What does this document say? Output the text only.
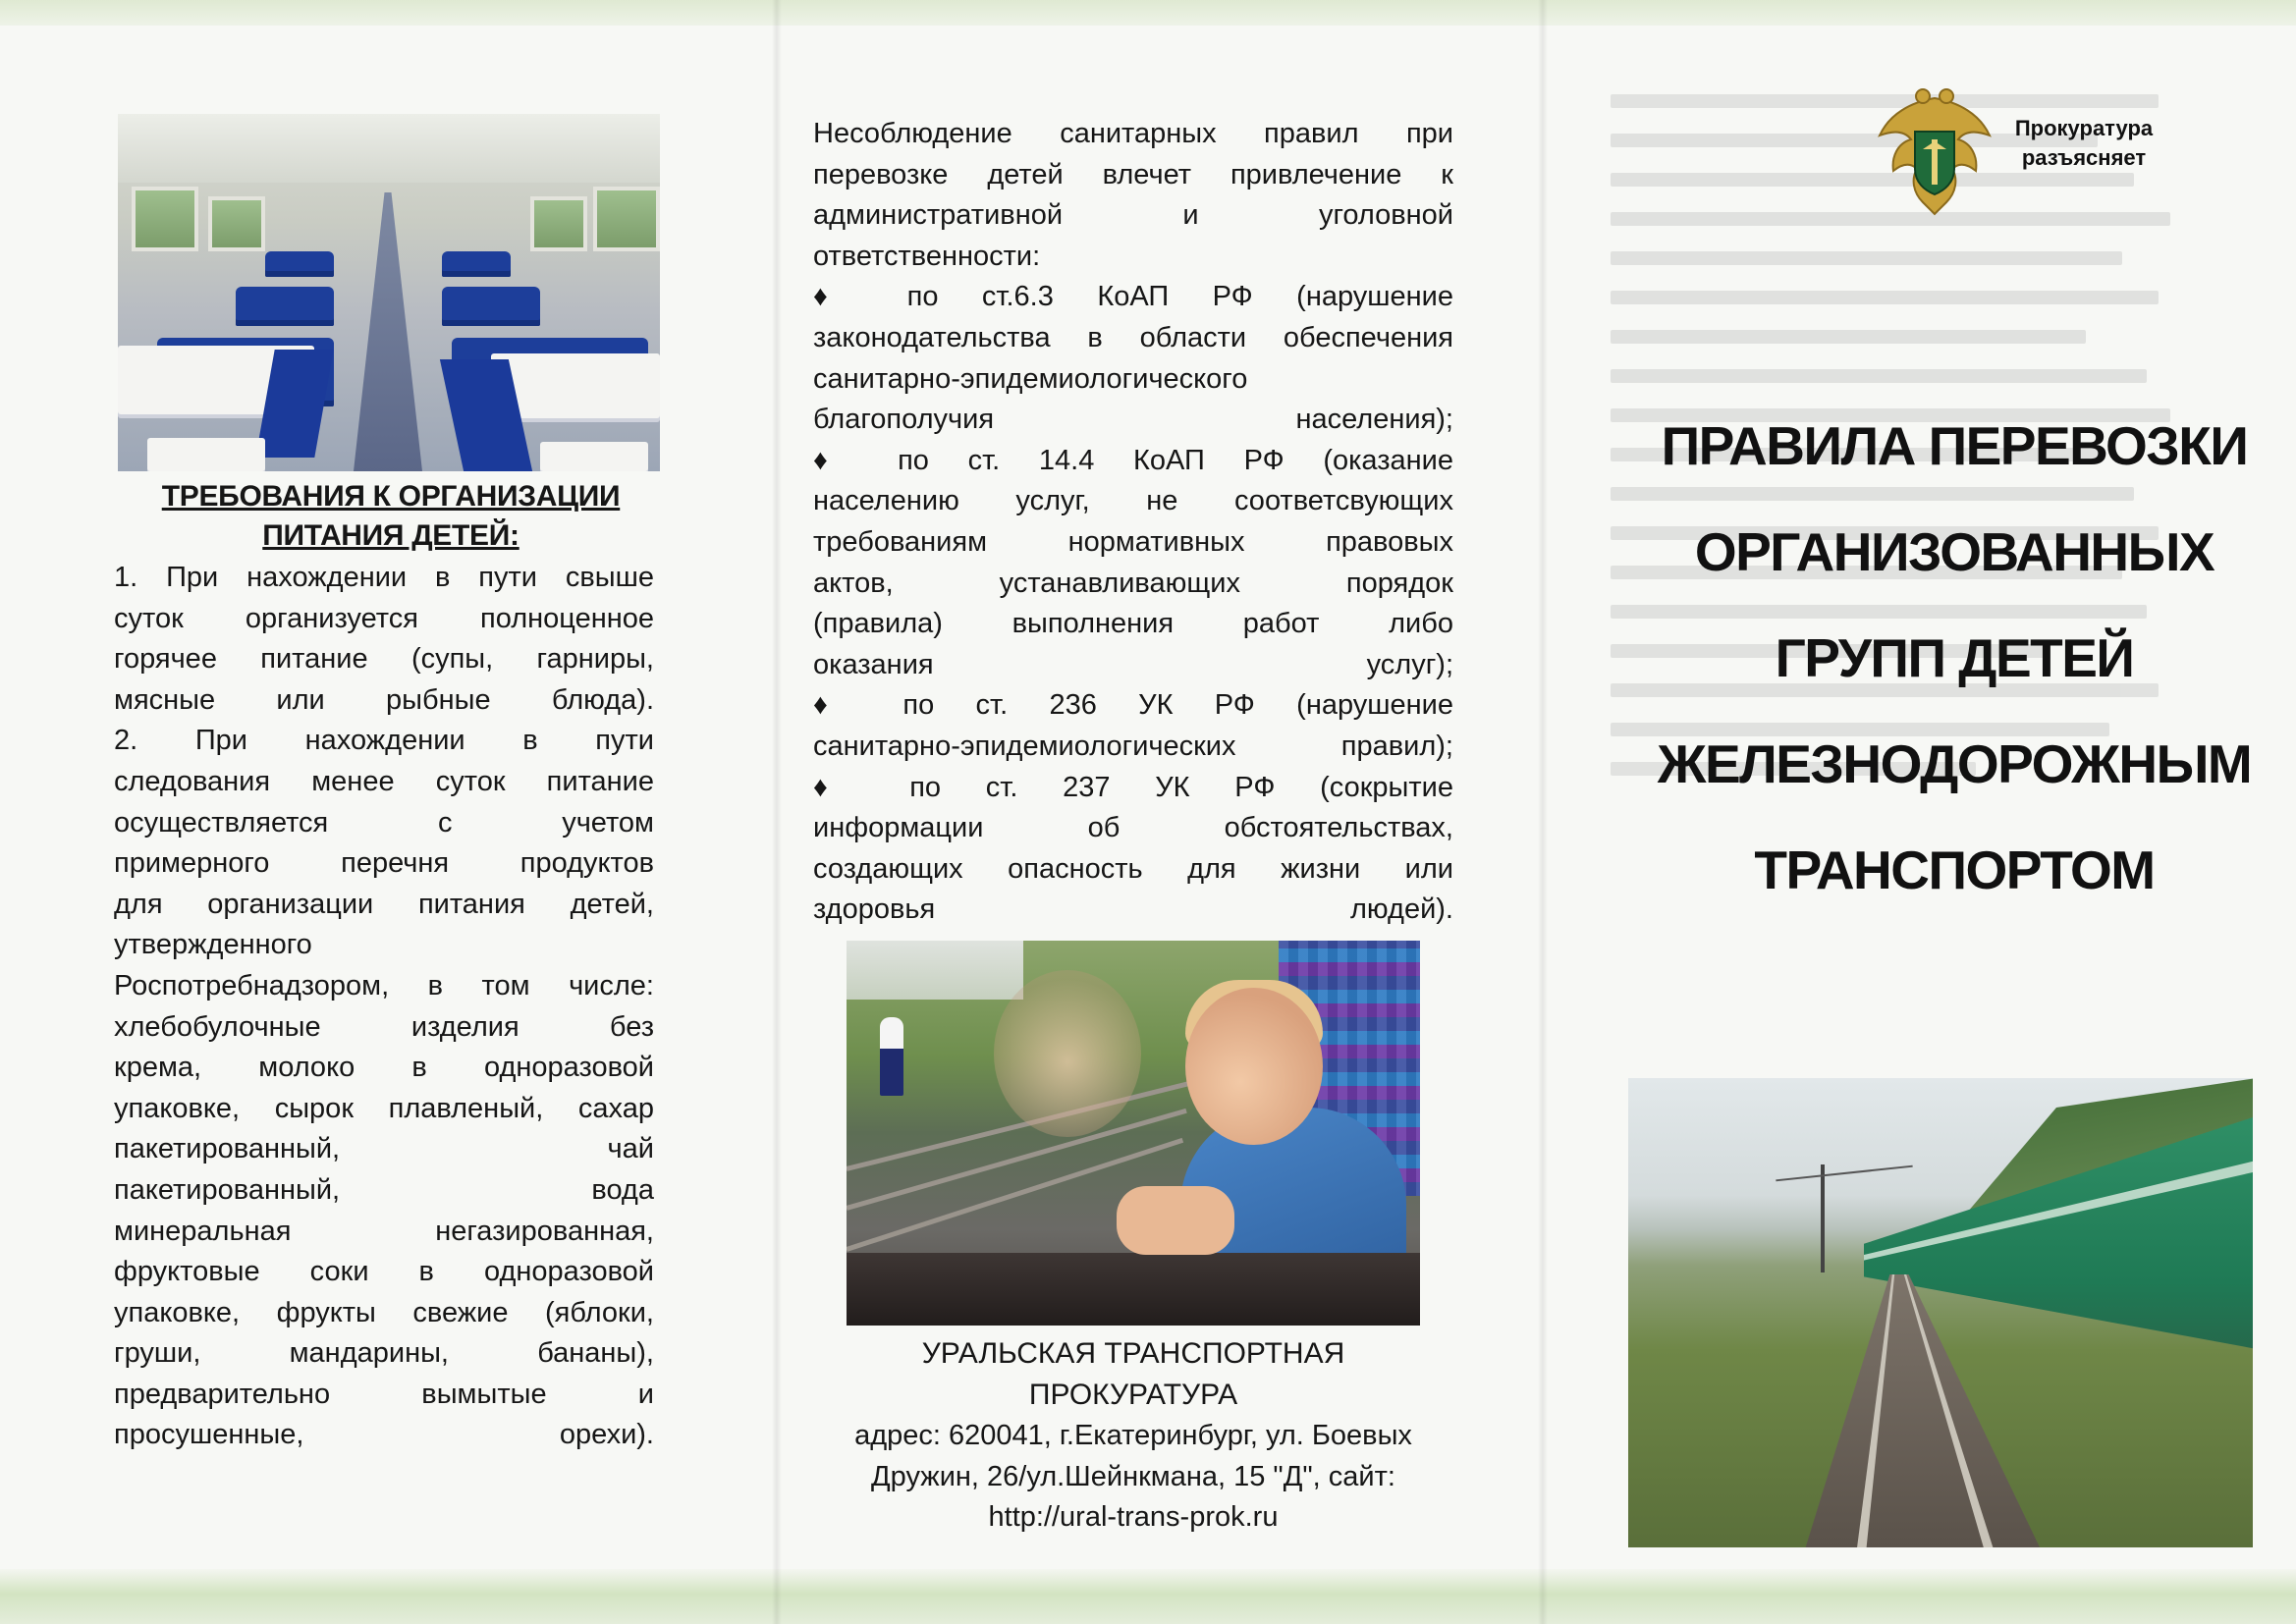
ТРЕБОВАНИЯ К ОРГАНИЗАЦИИ ПИТАНИЯ ДЕТЕЙ:
1. При нахождении в пути свыше
суток организуется полноценное
горячее питание (супы, гарниры,
мясные или рыбные блюда).
2. При нахождении в пути
следования менее суток питание
осуществляется с учетом
примерного перечня продуктов
для организации питания детей,
утвержденного
Роспотребнадзором, в том числе:
хлебобулочные изделия без
крема, молоко в одноразовой
упаковке, сырок плавленый, сахар
пакетированный, чай
пакетированный, вода
минеральная негазированная,
фруктовые соки в одноразовой
упаковке, фрукты свежие (яблоки,
груши, мандарины, бананы),
предварительно вымытые и
просушенные, орехи).
Несоблюдение санитарных правил при
перевозке детей влечет привлечение к
административной и уголовной
ответственности:
♦ по ст.6.3 КоАП РФ (нарушение
законодательства в области обеспечения
санитарно-эпидемиологического
благополучия населения);
♦ по ст. 14.4 КоАП РФ (оказание
населению услуг, не соответсвующих
требованиям нормативных правовых
актов, устанавливающих порядок
(правила) выполнения работ либо
оказания услуг);
♦ по ст. 236 УК РФ (нарушение
санитарно-эпидемиологических правил);
♦ по ст. 237 УК РФ (сокрытие
информации об обстоятельствах,
создающих опасность для жизни или
здоровья людей).
УРАЛЬСКАЯ ТРАНСПОРТНАЯ ПРОКУРАТУРА
адрес: 620041, г.Екатеринбург, ул. Боевых Дружин, 26/ул.Шейнкмана, 15 "Д", сайт:
http://ural-trans-prok.ru
Прокуратура
разъясняет
ПРАВИЛА ПЕРЕВОЗКИ
ОРГАНИЗОВАННЫХ
ГРУПП ДЕТЕЙ
ЖЕЛЕЗНОДОРОЖНЫМ
ТРАНСПОРТОМ
